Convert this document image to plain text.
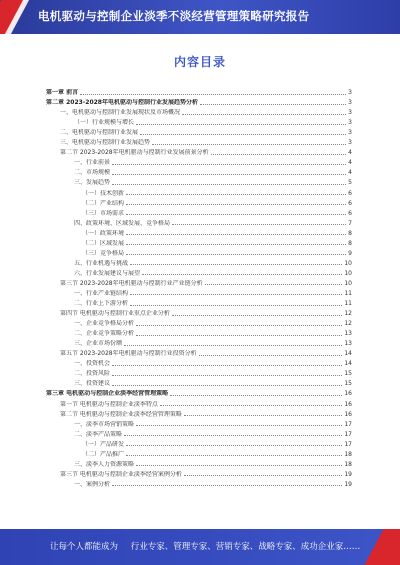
电机驱动与控制企业淡季不淡经营管理策略研究报告
内容目录
第一章 前言	3
第二章 2023-2028年电机驱动与控制行业发展趋势分析	3
一、电机驱动与控制行业发展现状及市场概况	3
（一）行业规模与增长	3
二、电机驱动与控制行业发展	3
三、电机驱动与控制行业发展趋势	3
第二节 2023-2028年电机驱动与控制行业发展前景分析	4
一、行业前景	4
二、市场规模	4
三、发展趋势	5
（一）技术创新	6
（二）产业结构	6
（三）市场需求	6
四、政策环境、区域发展、竞争格局	7
（一）政策环境	8
（二）区域发展	8
（三）竞争格局	9
五、行业机遇与挑战	10
六、行业发展建议与展望	10
第三节 2023-2028年电机驱动与控制行业产业链分析	10
一、行业产业链结构	11
二、行业上下游分析	11
第四节 电机驱动与控制行业重点企业分析	12
一、企业竞争格局分析	12
二、企业竞争策略分析	13
三、企业市场份额	13
第五节 2023-2028年电机驱动与控制行业投资分析	14
一、投资机会	14
二、投资风险	15
三、投资建议	15
第三章 电机驱动与控制企业淡季经营管理策略	16
第一节 电机驱动与控制企业淡季特点	16
第二节 电机驱动与控制企业淡季经营管理策略	16
一、淡季市场营销策略	17
二、淡季产品策略	17
（一）产品研发	17
（二）产品推广	18
三、淡季人力资源策略	18
第三节 电机驱动与控制企业淡季经营案例分析	19
一、案例分析	19
让每个人都能成为 行业专家、管理专家、营销专家、战略专家、成功企业家……
